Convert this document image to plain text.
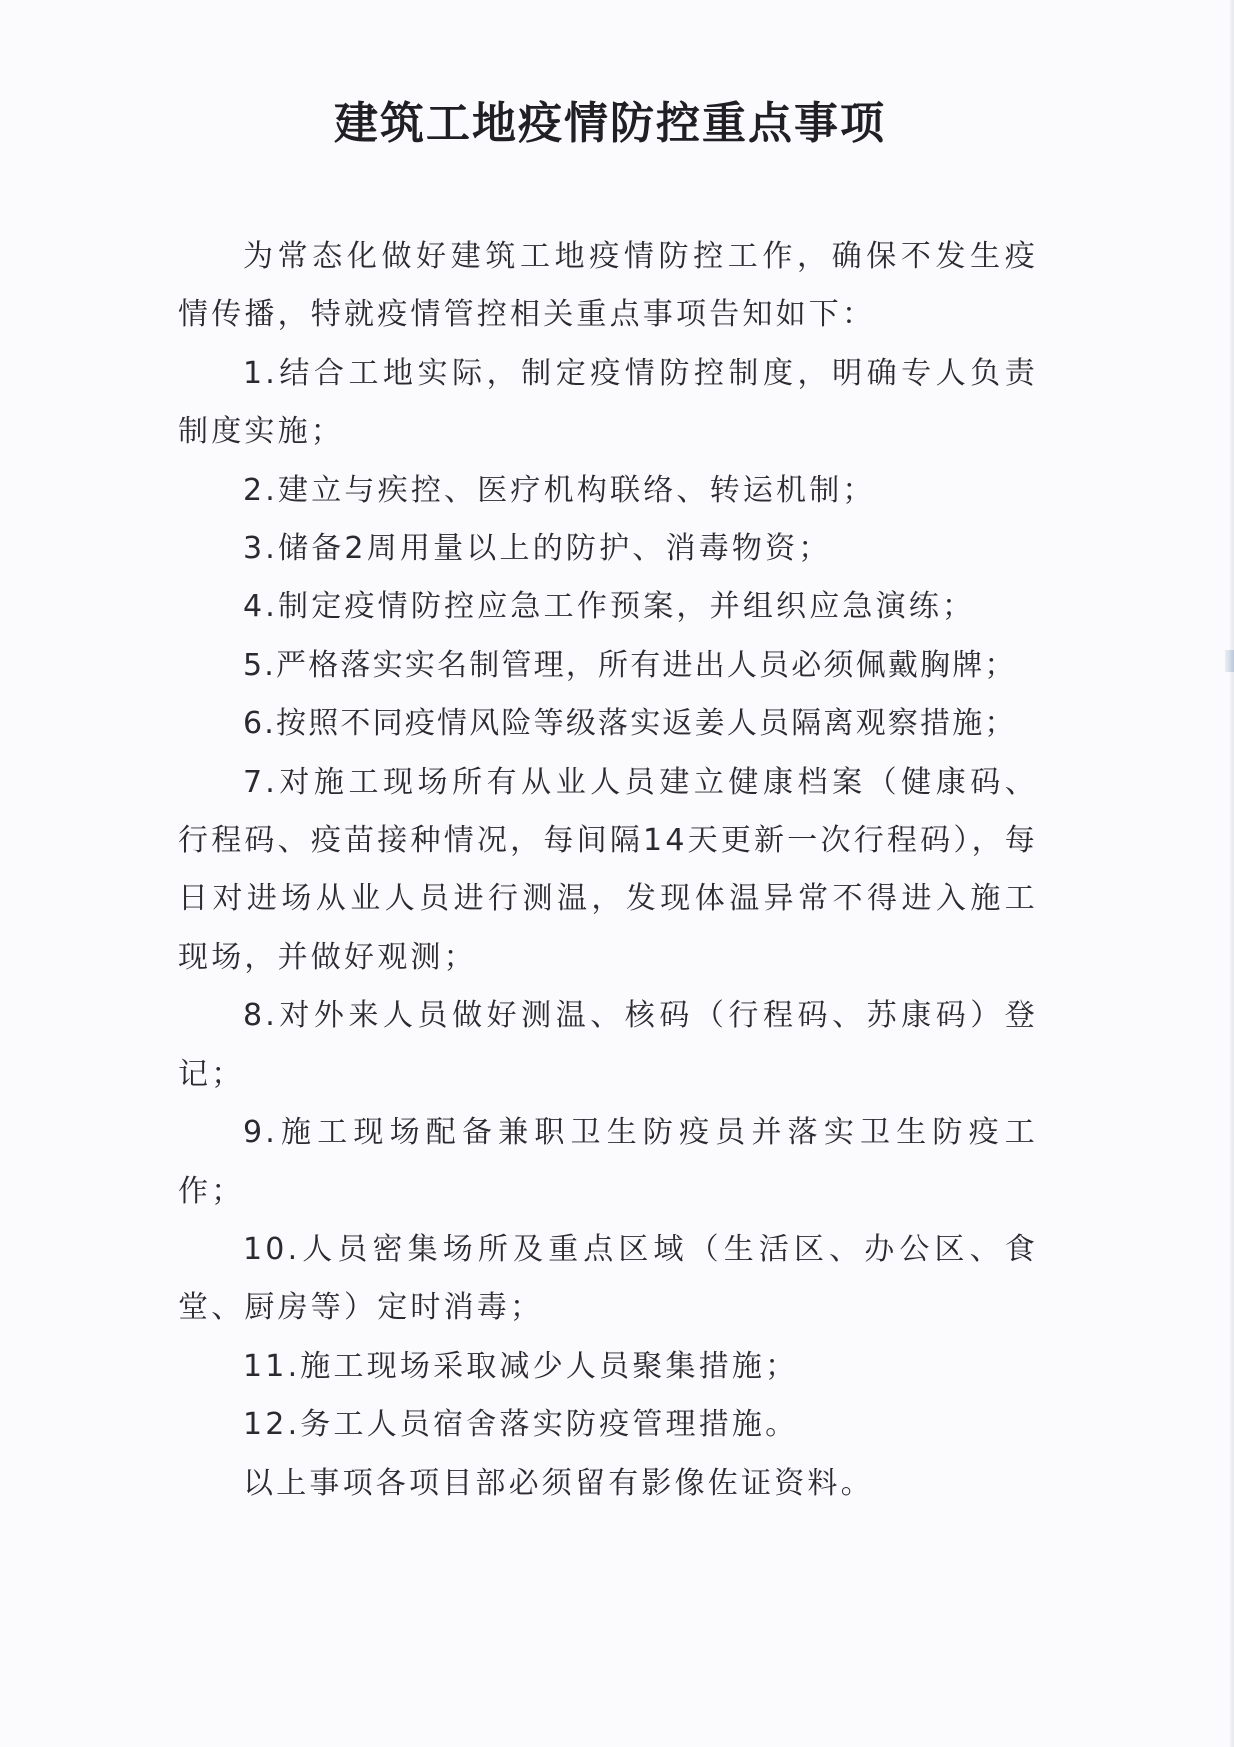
建筑工地疫情防控重点事项

为常态化做好建筑工地疫情防控工作，确保不发生疫情传播，特就疫情管控相关重点事项告知如下：

1.结合工地实际，制定疫情防控制度，明确专人负责制度实施；

2.建立与疾控、医疗机构联络、转运机制；

3.储备2周用量以上的防护、消毒物资；

4.制定疫情防控应急工作预案，并组织应急演练；

5.严格落实实名制管理，所有进出人员必须佩戴胸牌；

6.按照不同疫情风险等级落实返姜人员隔离观察措施；

7.对施工现场所有从业人员建立健康档案（健康码、行程码、疫苗接种情况，每间隔14天更新一次行程码），每日对进场从业人员进行测温，发现体温异常不得进入施工现场，并做好观测；

8.对外来人员做好测温、核码（行程码、苏康码）登记；

9.施工现场配备兼职卫生防疫员并落实卫生防疫工作；

10.人员密集场所及重点区域（生活区、办公区、食堂、厨房等）定时消毒；

11.施工现场采取减少人员聚集措施；

12.务工人员宿舍落实防疫管理措施。

以上事项各项目部必须留有影像佐证资料。
